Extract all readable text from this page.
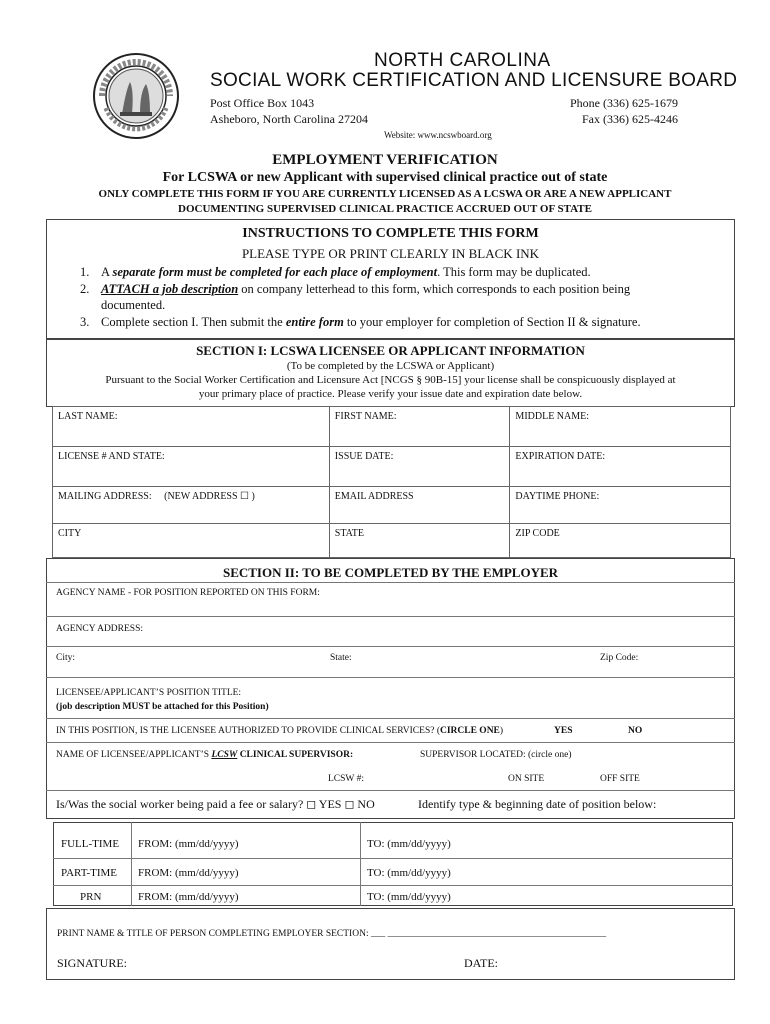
NORTH CAROLINA
SOCIAL WORK CERTIFICATION AND LICENSURE BOARD
Post Office Box 1043
Asheboro, North Carolina 27204
Phone (336) 625-1679
Fax (336) 625-4246
Website: www.ncswboard.org
EMPLOYMENT VERIFICATION
For LCSWA or new Applicant with supervised clinical practice out of state
ONLY COMPLETE THIS FORM IF YOU ARE CURRENTLY LICENSED AS A LCSWA OR ARE A NEW APPLICANT
DOCUMENTING SUPERVISED CLINICAL PRACTICE ACCRUED OUT OF STATE
INSTRUCTIONS TO COMPLETE THIS FORM
PLEASE TYPE OR PRINT CLEARLY IN BLACK INK
1. A separate form must be completed for each place of employment. This form may be duplicated.
2. ATTACH a job description on company letterhead to this form, which corresponds to each position being
documented.
3. Complete section I. Then submit the entire form to your employer for completion of Section II & signature.
SECTION I: LCSWA LICENSEE OR APPLICANT INFORMATION
(To be completed by the LCSWA or Applicant)
Pursuant to the Social Worker Certification and Licensure Act [NCGS § 90B-15] your license shall be conspicuously displayed at
your primary place of practice. Please verify your issue date and expiration date below.
LAST NAME:	FIRST NAME:	MIDDLE NAME:
LICENSE # AND STATE:	ISSUE DATE:	EXPIRATION DATE:
MAILING ADDRESS:     (NEW ADDRESS ☐ )	EMAIL ADDRESS	DAYTIME PHONE:
CITY	STATE	ZIP CODE
SECTION II: TO BE COMPLETED BY THE EMPLOYER
AGENCY NAME - FOR POSITION REPORTED ON THIS FORM:
AGENCY ADDRESS:
City:	State:	Zip Code:
LICENSEE/APPLICANT’S POSITION TITLE:
(job description MUST be attached for this Position)
IN THIS POSITION, IS THE LICENSEE AUTHORIZED TO PROVIDE CLINICAL SERVICES? (CIRCLE ONE)	YES	NO
NAME OF LICENSEE/APPLICANT’S LCSW CLINICAL SUPERVISOR:	SUPERVISOR LOCATED: (circle one)
LCSW #:	ON SITE	OFF SITE
Is/Was the social worker being paid a fee or salary? ◻ YES ◻ NO	Identify type & beginning date of position below:
FULL-TIME FROM: (mm/dd/yyyy)	TO: (mm/dd/yyyy)
PART-TIME FROM: (mm/dd/yyyy)	TO: (mm/dd/yyyy)
PRN	FROM: (mm/dd/yyyy)	TO: (mm/dd/yyyy)
PRINT NAME & TITLE OF PERSON COMPLETING EMPLOYER SECTION: ___ ______________________________________________
SIGNATURE:	DATE:
